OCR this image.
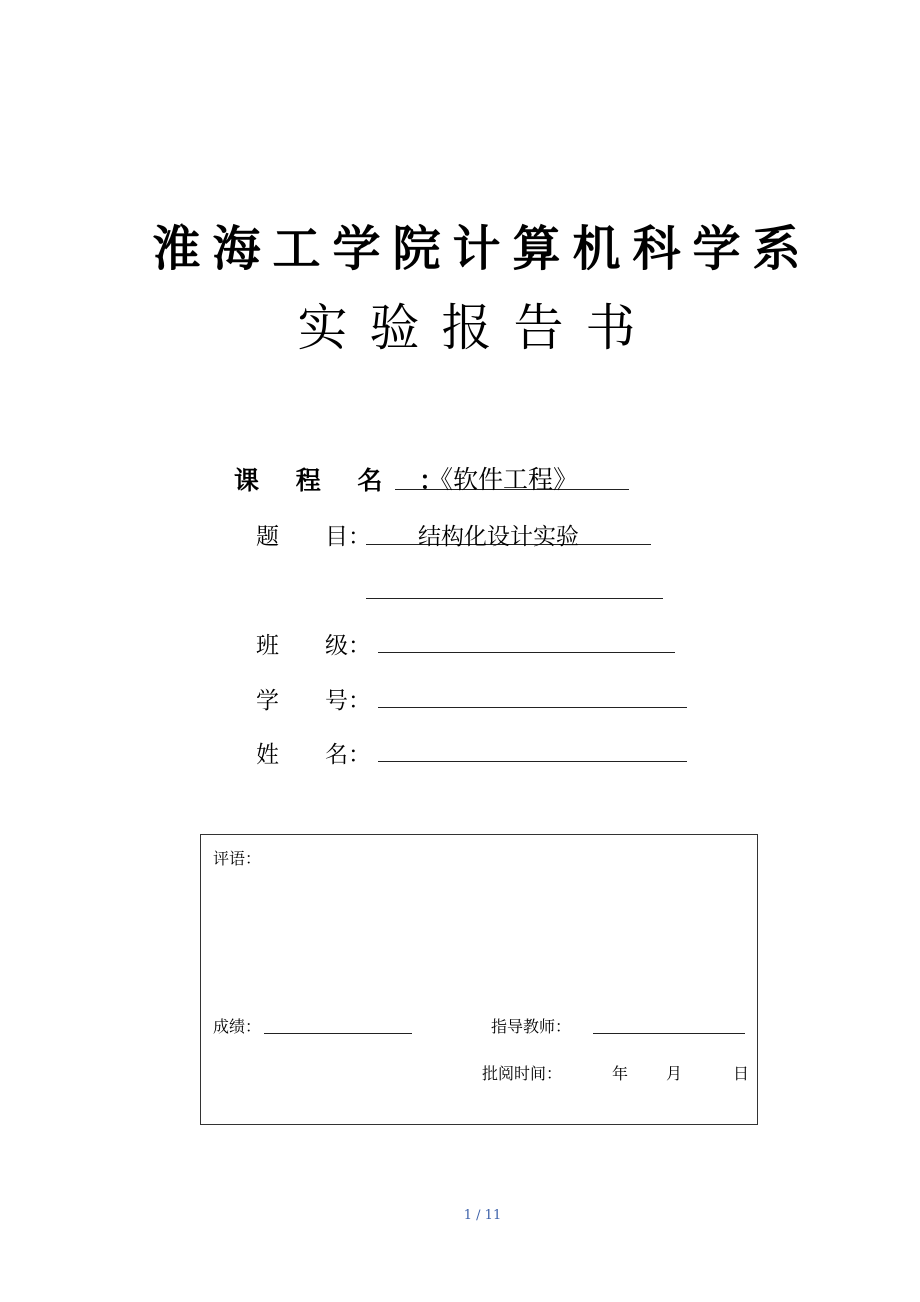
淮海工学院计算机科学系
实验报告书
课 程 名 ：
《软件工程》
题　　目： 结构化设计实验
班　　级：
学　　号：
姓　　名：
评语：
成绩：	指导教师：
批阅时间：	年 月	日
1 / 11
